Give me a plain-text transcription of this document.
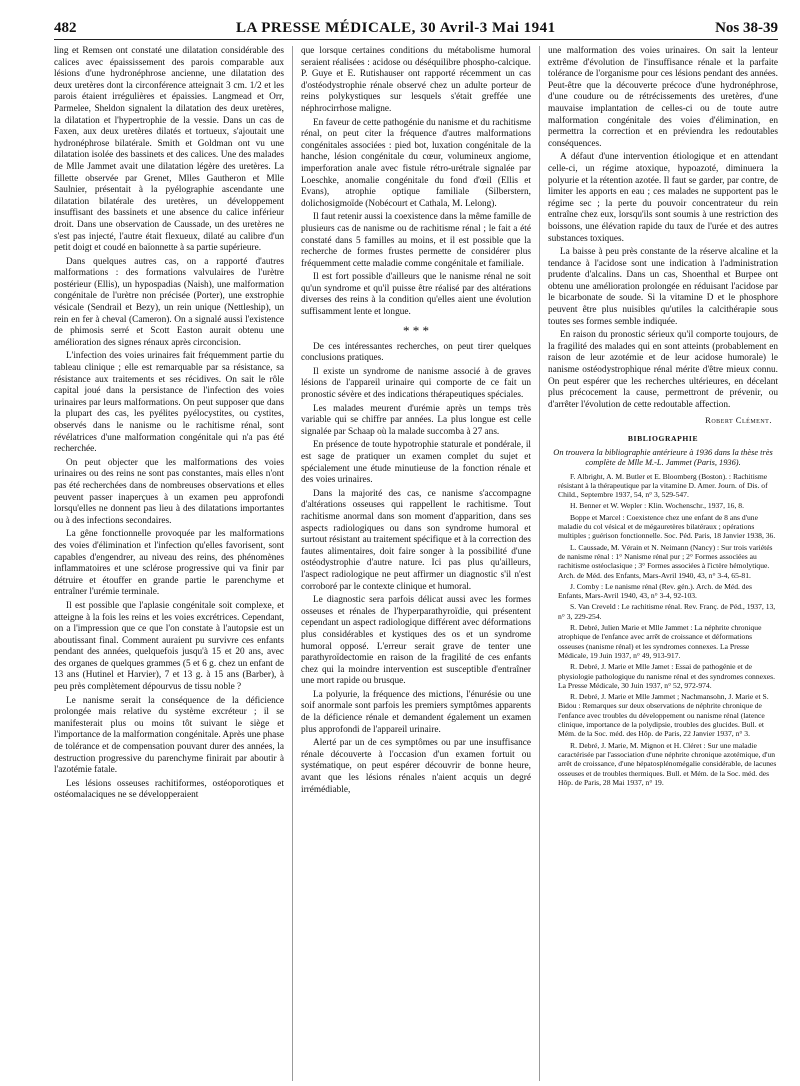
482	LA PRESSE MÉDICALE, 30 Avril-3 Mai 1941	Nos 38-39

ling et Remsen ont constaté une dilatation considérable des calices avec épaississement des parois comparable aux lésions d'une hydronéphrose ancienne, une dilatation des deux uretères dont la circonférence atteignait 3 cm. 1/2 et les parois étaient irrégulières et épaissies. Langmead et Orr, Parmelee, Sheldon signalent la dilatation des deux uretères, la dilatation et l'hypertrophie de la vessie. Dans un cas de Faxen, aux deux uretères dilatés et tortueux, s'ajoutait une hydronéphrose bilatérale. Smith et Goldman ont vu une dilatation isolée des bassinets et des calices. Une des malades de Mlle Jammet avait une dilatation légère des uretères. La fillette observée par Grenet, Mlles Gautheron et Mlle Saulnier, présentait à la pyélographie ascendante une dilatation bilatérale des uretères, un développement insuffisant des bassinets et une absence du calice inférieur droit. Dans une observation de Caussade, un des uretères ne s'est pas injecté, l'autre était flexueux, dilaté au calibre d'un petit doigt et coudé en baïonnette à sa partie supérieure.

Dans quelques autres cas, on a rapporté d'autres malformations : des formations valvulaires de l'urètre postérieur (Ellis), un hypospadias (Naish), une malformation congénitale de l'urètre non précisée (Porter), une exstrophie vésicale (Sendrail et Bezy), un rein unique (Nettleship), un rein en fer à cheval (Cameron). On a signalé aussi l'existence de phimosis serré et Scott Easton aurait obtenu une amélioration des signes rénaux après circoncision.

L'infection des voies urinaires fait fréquemment partie du tableau clinique ; elle est remarquable par sa résistance, sa résistance aux traitements et ses récidives. On sait le rôle capital joué dans la persistance de l'infection des voies urinaires par leurs malformations. On peut supposer que dans la plupart des cas, les pyélites pyélocystites, ou cystites, observés dans le nanisme ou le rachitisme rénal, sont révélatrices d'une malformation congénitale qui n'a pas été recherchée.

On peut objecter que les malformations des voies urinaires ou des reins ne sont pas constantes, mais elles n'ont pas été recherchées dans de nombreuses observations et elles peuvent passer inaperçues à un examen peu approfondi lorsqu'elles ne donnent pas lieu à des dilatations importantes ou à des infections secondaires.

La gêne fonctionnelle provoquée par les malformations des voies d'élimination et l'infection qu'elles favorisent, sont capables d'engendrer, au niveau des reins, des phénomènes inflammatoires et une sclérose progressive qui va finir par détruire et étouffer en grande partie le parenchyme et entraîner l'urémie terminale.

Il est possible que l'aplasie congénitale soit complexe, et atteigne à la fois les reins et les voies excrétrices. Cependant, on a l'impression que ce que l'on constate à l'autopsie est un aboutissant final. Comment auraient pu survivre ces enfants pendant des années, quelquefois jusqu'à 15 et 20 ans, avec des organes de quelques grammes (5 et 6 g. chez un enfant de 13 ans (Hutinel et Harvier), 7 et 13 g. à 15 ans (Barber), à peu près complètement dépourvus de tissu noble ?

Le nanisme serait la conséquence de la déficience prolongée mais relative du système excréteur ; il se manifesterait plus ou moins tôt suivant le siège et l'importance de la malformation congénitale. Après une phase de tolérance et de compensation pouvant durer des années, la destruction progressive du parenchyme finirait par aboutir à l'azotémie fatale.

Les lésions osseuses rachitiformes, ostéoporotiques et ostéomalaciques ne se développeraient

que lorsque certaines conditions du métabolisme humoral seraient réalisées : acidose ou déséquilibre phospho-calcique. P. Guye et E. Rutishauser ont rapporté récemment un cas d'ostéodystrophie rénale observé chez un adulte porteur de reins polykystiques sur lesquels s'était greffée une néphrocirrhose maligne.

En faveur de cette pathogénie du nanisme et du rachitisme rénal, on peut citer la fréquence d'autres malformations congénitales associées : pied bot, luxation congénitale de la hanche, lésion congénitale du cœur, volumineux angiome, imperforation anale avec fistule rétro-urétrale signalée par Loeschke, anomalie congénitale du fond d'œil (Ellis et Evans), atrophie optique familiale (Silberstern, dolichosigmoïde (Nobécourt et Cathala, M. Lelong).

Il faut retenir aussi la coexistence dans la même famille de plusieurs cas de nanisme ou de rachitisme rénal ; le fait a été constaté dans 5 familles au moins, et il est possible que la recherche de formes frustes permette de considérer plus fréquemment cette maladie comme congénitale et familiale.

Il est fort possible d'ailleurs que le nanisme rénal ne soit qu'un syndrome et qu'il puisse être réalisé par des altérations diverses des reins à la condition qu'elles aient une évolution suffisamment lente et longue.

* * *

De ces intéressantes recherches, on peut tirer quelques conclusions pratiques.

Il existe un syndrome de nanisme associé à de graves lésions de l'appareil urinaire qui comporte de ce fait un pronostic sévère et des indications thérapeutiques spéciales.

Les malades meurent d'urémie après un temps très variable qui se chiffre par années. La plus longue est celle signalée par Schaap où la malade succomba à 27 ans.

En présence de toute hypotrophie staturale et pondérale, il est sage de pratiquer un examen complet du sujet et spécialement une étude minutieuse de la fonction rénale et des voies urinaires.

Dans la majorité des cas, ce nanisme s'accompagne d'altérations osseuses qui rappellent le rachitisme. Tout rachitisme anormal dans son moment d'apparition, dans ses aspects radiologiques ou dans son syndrome humoral et surtout résistant au traitement spécifique et à la correction des fautes alimentaires, doit faire songer à la possibilité d'une ostéodystrophie d'autre nature. Ici pas plus qu'ailleurs, l'aspect radiologique ne peut affirmer un diagnostic s'il n'est corroboré par le contexte clinique et humoral.

Le diagnostic sera parfois délicat aussi avec les formes osseuses et rénales de l'hyperparathyroïdie, qui présentent cependant un aspect radiologique différent avec déformations plus considérables et kystiques des os et un syndrome humoral opposé. L'erreur serait grave de tenter une parathyroïdectomie en raison de la fragilité de ces enfants chez qui la moindre intervention est susceptible d'entraîner une mort rapide ou brusque.

La polyurie, la fréquence des mictions, l'énurésie ou une soif anormale sont parfois les premiers symptômes apparents de la déficience rénale et demandent également un examen plus approfondi de l'appareil urinaire.

Alerté par un de ces symptômes ou par une insuffisance rénale découverte à l'occasion d'un examen fortuit ou systématique, on peut espérer découvrir de bonne heure, avant que les lésions rénales n'aient acquis un degré irrémédiable,

une malformation des voies urinaires. On sait la lenteur extrême d'évolution de l'insuffisance rénale et la parfaite tolérance de l'organisme pour ces lésions pendant des années. Peut-être que la découverte précoce d'une hydronéphrose, d'une coudure ou de rétrécissements des uretères, d'une mauvaise implantation de celles-ci ou de toute autre malformation congénitale des voies d'élimination, en permettra la correction et en préviendra les redoutables conséquences.

A défaut d'une intervention étiologique et en attendant celle-ci, un régime atoxique, hypoazoté, diminuera la polyurie et la rétention azotée. Il faut se garder, par contre, de limiter les apports en eau ; ces malades ne supportent pas le régime sec ; la perte du pouvoir concentrateur du rein entraîne chez eux, lorsqu'ils sont soumis à une restriction des boissons, une élévation rapide du taux de l'urée et des autres substances toxiques.

La baisse à peu près constante de la réserve alcaline et la tendance à l'acidose sont une indication à l'administration prudente d'alcalins. Dans un cas, Shoenthal et Burpee ont obtenu une amélioration prolongée en réduisant l'acidose par le bicarbonate de soude. Si la vitamine D et le phosphore peuvent être plus nuisibles qu'utiles la calcithérapie sous toutes ses formes semble indiquée.

En raison du pronostic sérieux qu'il comporte toujours, de la fragilité des malades qui en sont atteints (probablement en raison de leur azotémie et de leur acidose humorale) le nanisme ostéodystrophique rénal mérite d'être mieux connu. On peut espérer que les recherches ultérieures, en décelant plus précocement la cause, permettront de prévenir, ou d'arrêter l'évolution de cette redoutable affection.

Robert Clément.
BIBLIOGRAPHIE
On trouvera la bibliographie antérieure à 1936 dans la thèse très complète de Mlle M.-L. Jammet (Paris, 1936).

F. Albright, A. M. Butler et E. Bloomberg (Boston). : Rachitisme résistant à la thérapeutique par la vitamine D. Amer. Journ. of Dis. of Child., Septembre 1937, 54, n° 3, 529-547.

H. Benner et W. Wepler : Klin. Wochenschr., 1937, 16, 8.

Boppe et Marcel : Coexistence chez une enfant de 8 ans d'une maladie du col vésical et de mégauretères bilatéraux ; opérations multiples ; guérison fonctionnelle. Soc. Péd. Paris, 18 Janvier 1938, 36.

L. Caussade, M. Vérain et N. Neimann (Nancy) : Sur trois variétés de nanisme rénal : 1° Nanisme rénal pur ; 2° Formes associées au rachitisme ostéoclasique ; 3° Formes associées à l'ictère hémolytique. Arch. de Méd. des Enfants, Mars-Avril 1940, 43, n° 3-4, 65-81.

J. Comby : Le nanisme rénal (Rev. gén.). Arch. de Méd. des Enfants, Mars-Avril 1940, 43, n° 3-4, 92-103.

S. Van Creveld : Le rachitisme rénal. Rev. Franç. de Péd., 1937, 13, n° 3, 229-254.

R. Debré, Julien Marie et Mlle Jammet : La néphrite chronique atrophique de l'enfance avec arrêt de croissance et déformations osseuses (nanisme rénal) et les syndromes connexes. La Presse Médicale, 19 Juin 1937, n° 49, 913-917.

R. Debré, J. Marie et Mlle Jamet : Essai de pathogénie et de physiologie pathologique du nanisme rénal et des syndromes connexes. La Presse Médicale, 30 Juin 1937, n° 52, 972-974.

R. Debré, J. Marie et Mlle Jammet ; Nachmansohn, J. Marie et S. Bidou : Remarques sur deux observations de néphrite chronique de l'enfance avec troubles du développement ou nanisme rénal (latence clinique, importance de la polydipsie, troubles des glucides. Bull. et Mém. de la Soc. méd. des Hôp. de Paris, 22 Janvier 1937, n° 3.

R. Debré, J. Marie, M. Mignon et H. Cléret : Sur une maladie caractérisée par l'association d'une néphrite chronique azotémique, d'un arrêt de croissance, d'une hépatosplénomégalie considérable, de lacunes osseuses et de troubles thermiques. Bull. et Mém. de la Soc. méd. des Hôp. de Paris, 28 Mai 1937, n° 19.
